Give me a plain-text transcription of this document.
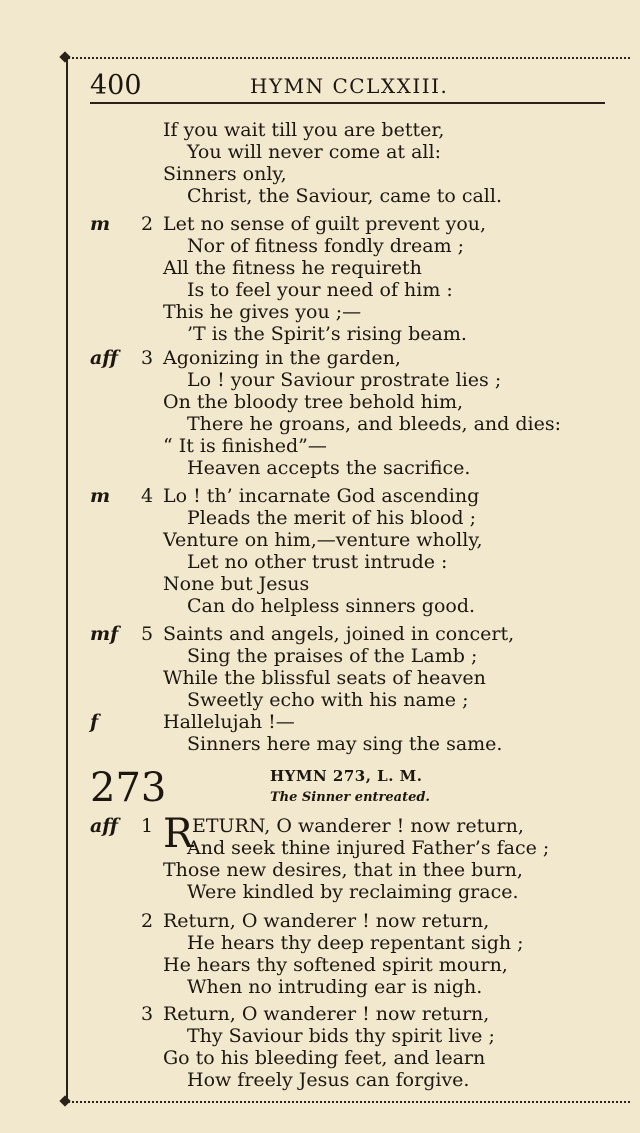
400	HYMN CCLXXIII.
If you wait till you are better,
You will never come at all:
Sinners only,
Christ, the Saviour, came to call.
m 2 Let no sense of guilt prevent you,
Nor of fitness fondly dream ;
All the fitness he requireth
Is to feel your need of him :
This he gives you ;—
’T is the Spirit’s rising beam.
aff 3 Agonizing in the garden,
Lo ! your Saviour prostrate lies ;
On the bloody tree behold him,
There he groans, and bleeds, and dies:
“ It is finished”—
Heaven accepts the sacrifice.
m 4 Lo ! th’ incarnate God ascending
Pleads the merit of his blood ;
Venture on him,—venture wholly,
Let no other trust intrude :
None but Jesus
Can do helpless sinners good.
mf 5 Saints and angels, joined in concert,
Sing the praises of the Lamb ;
While the blissful seats of heaven
Sweetly echo with his name ;
f	Hallelujah !—
Sinners here may sing the same.
273	HYMN 273, L. M.
The Sinner entreated.
aff 1 R
ETURN, O wanderer ! now return,
And seek thine injured Father’s face ;
Those new desires, that in thee burn,
Were kindled by reclaiming grace.
2 Return, O wanderer ! now return,
He hears thy deep repentant sigh ;
He hears thy softened spirit mourn,
When no intruding ear is nigh.
3 Return, O wanderer ! now return,
Thy Saviour bids thy spirit live ;
Go to his bleeding feet, and learn
How freely Jesus can forgive.
